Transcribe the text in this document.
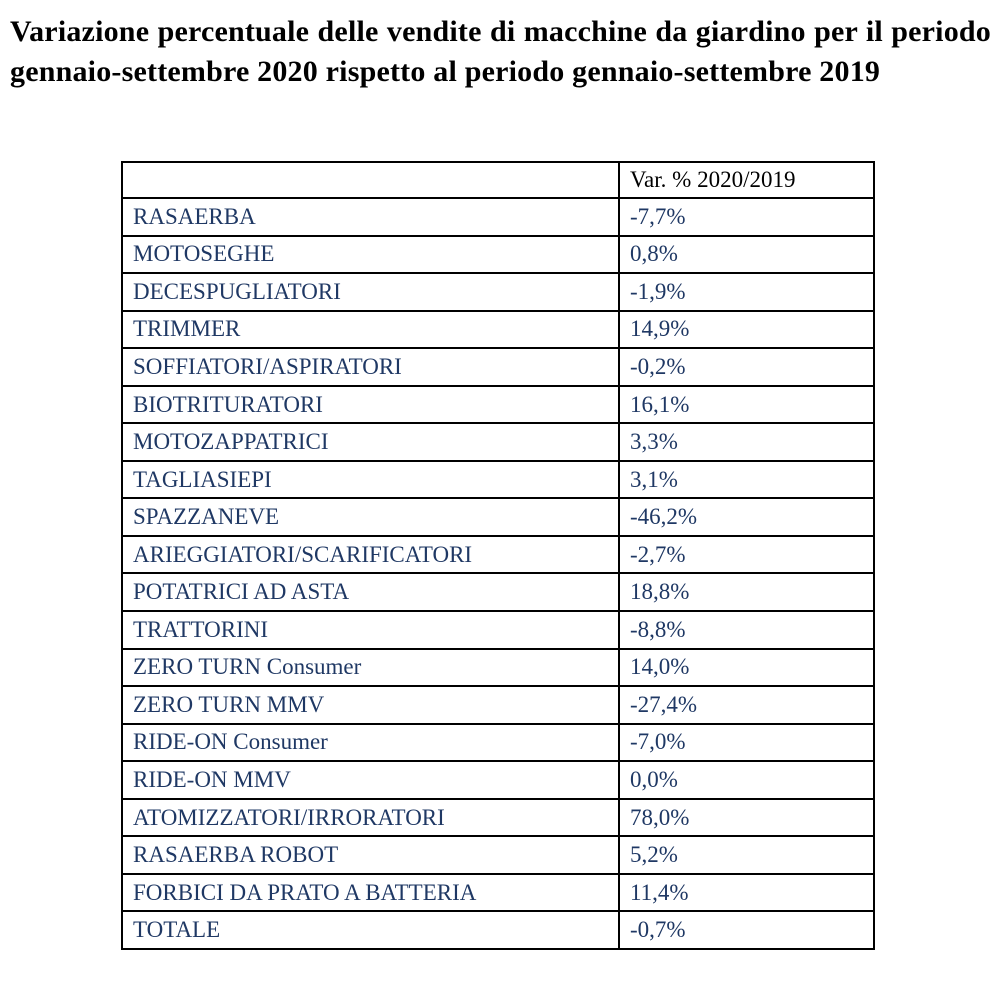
Variazione percentuale delle vendite di macchine da giardino per il periodo gennaio-settembre 2020 rispetto al periodo gennaio-settembre 2019
	Var. % 2020/2019
RASAERBA	-7,7%
MOTOSEGHE	0,8%
DECESPUGLIATORI	-1,9%
TRIMMER	14,9%
SOFFIATORI/ASPIRATORI	-0,2%
BIOTRITURATORI	16,1%
MOTOZAPPATRICI	3,3%
TAGLIASIEPI	3,1%
SPAZZANEVE	-46,2%
ARIEGGIATORI/SCARIFICATORI	-2,7%
POTATRICI AD ASTA	18,8%
TRATTORINI	-8,8%
ZERO TURN Consumer	14,0%
ZERO TURN MMV	-27,4%
RIDE-ON Consumer	-7,0%
RIDE-ON MMV	0,0%
ATOMIZZATORI/IRRORATORI	78,0%
RASAERBA ROBOT	5,2%
FORBICI DA PRATO A BATTERIA	11,4%
TOTALE	-0,7%
